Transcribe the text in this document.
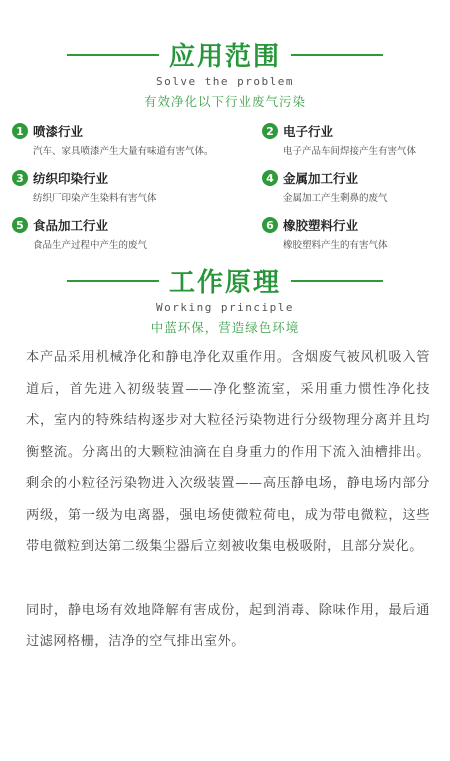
应用范围
Solve the problem
有效净化以下行业废气污染
1 喷漆行业
汽车、家具喷漆产生大量有味道有害气体。
2 电子行业
电子产品车间焊接产生有害气体
3 纺织印染行业
纺织厂印染产生染料有害气体
4 金属加工行业
金属加工产生剩鼻的废气
5 食品加工行业
食品生产过程中产生的废气
6 橡胶塑料行业
橡胶塑料产生的有害气体
工作原理
Working principle
中蓝环保，营造绿色环境

本产品采用机械净化和静电净化双重作用。含烟废气被风机吸入管道后，首先进入初级装置——净化整流室，采用重力惯性净化技术，室内的特殊结构逐步对大粒径污染物进行分级物理分离并且均衡整流。分离出的大颗粒油滴在自身重力的作用下流入油槽排出。剩余的小粒径污染物进入次级装置——高压静电场，静电场内部分两级，第一级为电离器，强电场使微粒荷电，成为带电微粒，这些带电微粒到达第二级集尘器后立刻被收集电极吸附，且部分炭化。

同时，静电场有效地降解有害成份，起到消毒、除味作用，最后通过滤网格栅，洁净的空气排出室外。
